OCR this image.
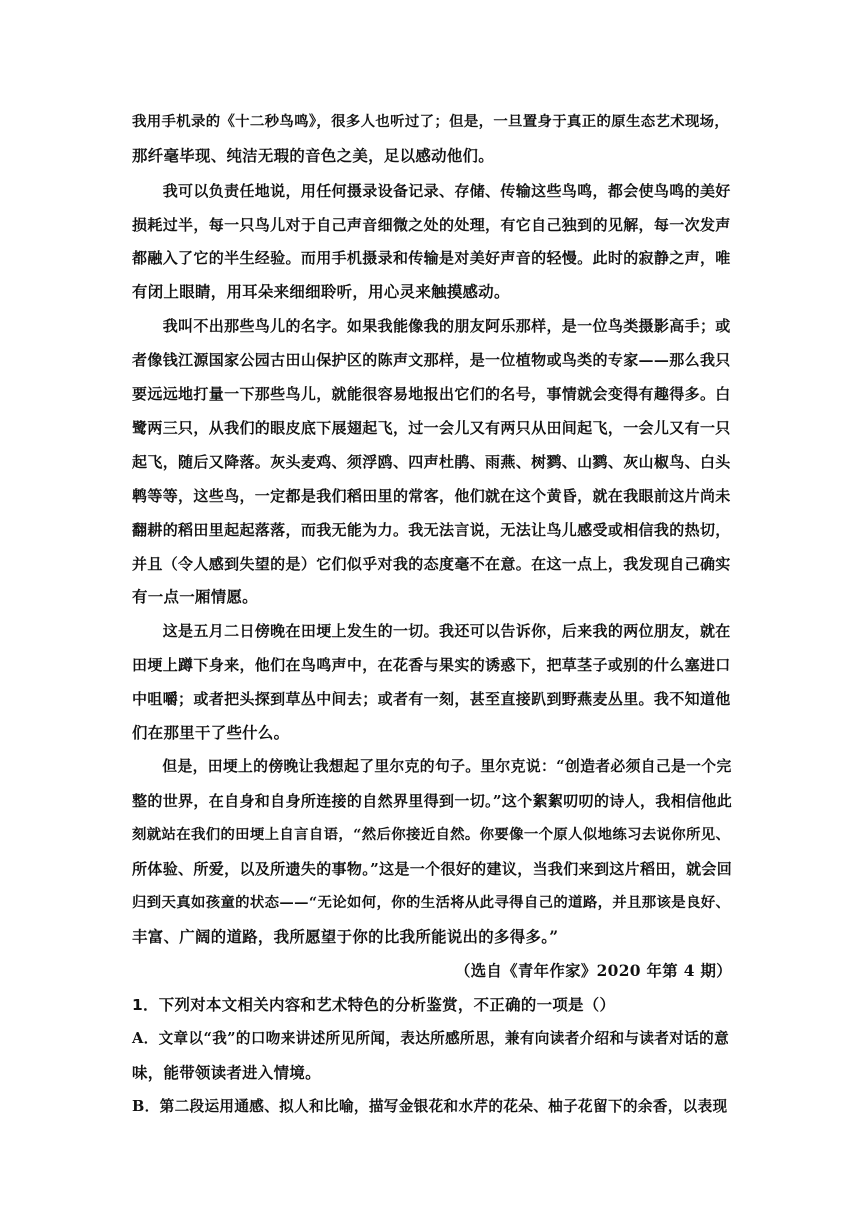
我用手机录的《十二秒鸟鸣》，很多人也听过了；但是，一旦置身于真正的原生态艺术现场，
那纤毫毕现、纯洁无瑕的音色之美，足以感动他们。
　　我可以负责任地说，用任何摄录设备记录、存储、传输这些鸟鸣，都会使鸟鸣的美好
损耗过半，每一只鸟儿对于自己声音细微之处的处理，有它自己独到的见解，每一次发声
都融入了它的半生经验。而用手机摄录和传输是对美好声音的轻慢。此时的寂静之声，唯
有闭上眼睛，用耳朵来细细聆听，用心灵来触摸感动。
　　我叫不出那些鸟儿的名字。如果我能像我的朋友阿乐那样，是一位鸟类摄影高手；或
者像钱江源国家公园古田山保护区的陈声文那样，是一位植物或鸟类的专家——那么我只
要远远地打量一下那些鸟儿，就能很容易地报出它们的名号，事情就会变得有趣得多。白
鹭两三只，从我们的眼皮底下展翅起飞，过一会儿又有两只从田间起飞，一会儿又有一只
起飞，随后又降落。灰头麦鸡、须浮鸥、四声杜鹃、雨燕、树鹨、山鹨、灰山椒鸟、白头
鹎等等，这些鸟，一定都是我们稻田里的常客，他们就在这个黄昏，就在我眼前这片尚未
翻耕的稻田里起起落落，而我无能为力。我无法言说，无法让鸟儿感受或相信我的热切，
并且（令人感到失望的是）它们似乎对我的态度毫不在意。在这一点上，我发现自己确实
有一点一厢情愿。
　　这是五月二日傍晚在田埂上发生的一切。我还可以告诉你，后来我的两位朋友，就在
田埂上蹲下身来，他们在鸟鸣声中，在花香与果实的诱惑下，把草茎子或别的什么塞进口
中咀嚼；或者把头探到草丛中间去；或者有一刻，甚至直接趴到野燕麦丛里。我不知道他
们在那里干了些什么。
　　但是，田埂上的傍晚让我想起了里尔克的句子。里尔克说：“创造者必须自己是一个完
整的世界，在自身和自身所连接的自然界里得到一切。”这个絮絮叨叨的诗人，我相信他此
刻就站在我们的田埂上自言自语，“然后你接近自然。你要像一个原人似地练习去说你所见、
所体验、所爱，以及所遗失的事物。”这是一个很好的建议，当我们来到这片稻田，就会回
归到天真如孩童的状态——“无论如何，你的生活将从此寻得自己的道路，并且那该是良好、
丰富、广阔的道路，我所愿望于你的比我所能说出的多得多。”
（选自《青年作家》2020 年第 4 期）
1．下列对本文相关内容和艺术特色的分析鉴赏，不正确的一项是（）
A．文章以“我”的口吻来讲述所见所闻，表达所感所思，兼有向读者介绍和与读者对话的意
味，能带领读者进入情境。
B．第二段运用通感、拟人和比喻，描写金银花和水芹的花朵、柚子花留下的余香，以表现
